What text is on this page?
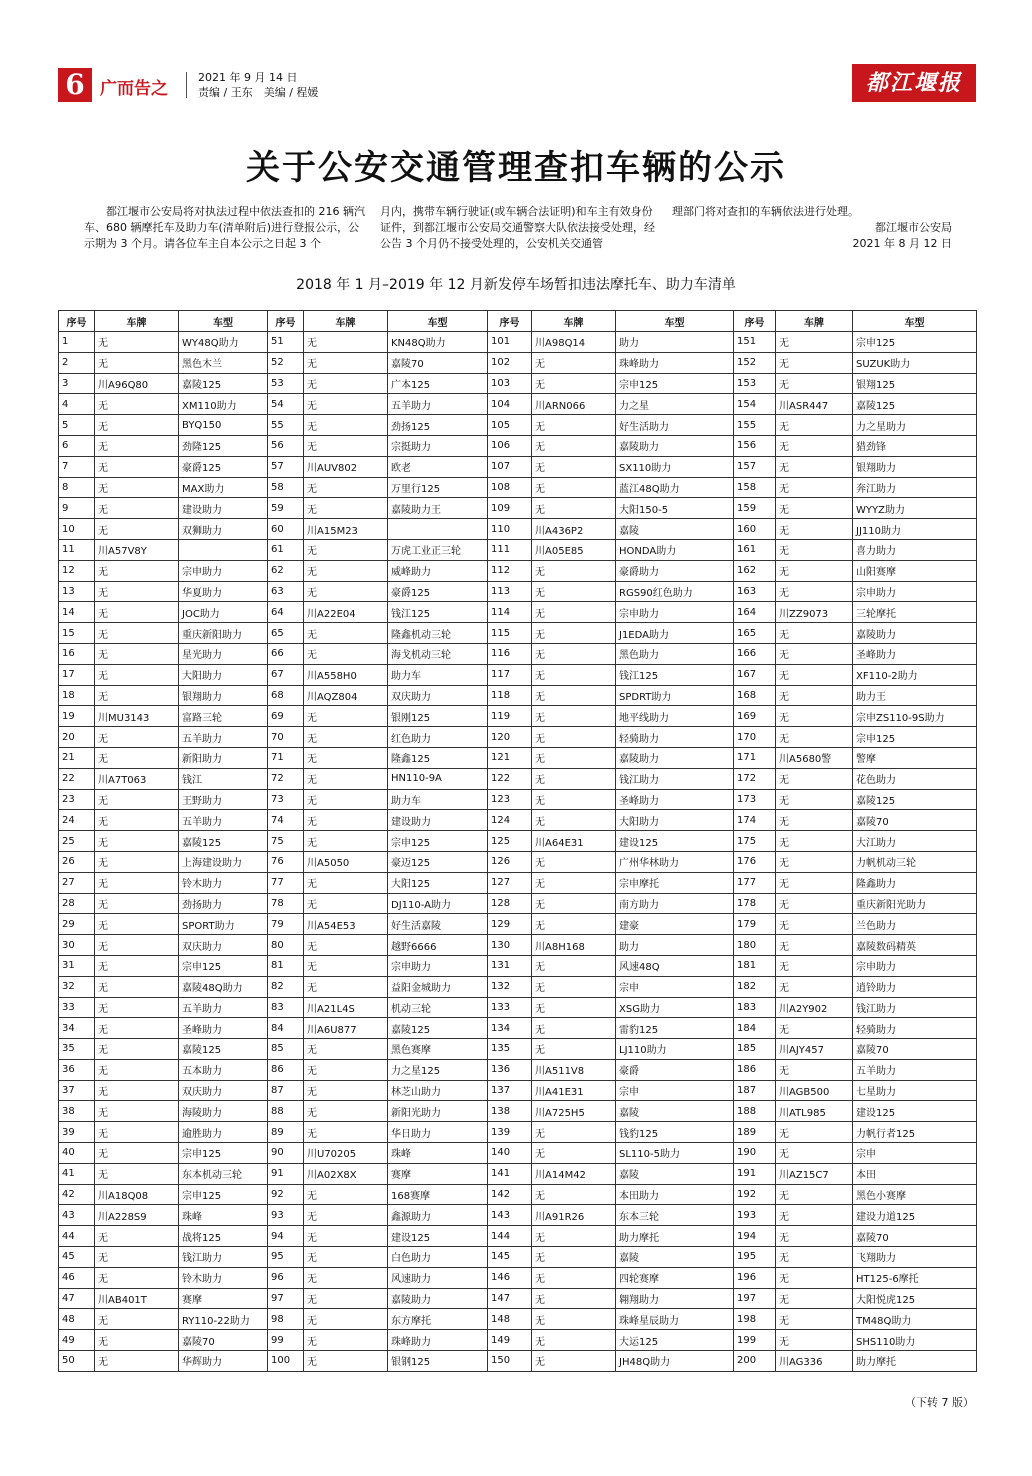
6 广而告之
2021 年 9 月 14 日
责编 / 王东　美编 / 程媛	都江堰报
关于公安交通管理查扣车辆的公示
都江堰市公安局将对执法过程中依法查扣的 216 辆汽车、680 辆摩托车及助力车(清单附后)进行登报公示，公示期为 3 个月。请各位车主自本公示之日起 3 个
月内，携带车辆行驶证(或车辆合法证明)和车主有效身份证件，到都江堰市公安局交通警察大队依法接受处理，经公告 3 个月仍不接受处理的，公安机关交通管
理部门将对查扣的车辆依法进行处理。
都江堰市公安局
2021 年 8 月 12 日
2018 年 1 月–2019 年 12 月新发停车场暂扣违法摩托车、助力车清单
序号	车牌	车型	序号	车牌	车型	序号	车牌	车型	序号	车牌	车型
1	无	WY48Q助力	51	无	KN48Q助力	101	川A98Q14	助力	151	无	宗申125
2	无	黑色木兰	52	无	嘉陵70	102	无	珠峰助力	152	无	SUZUK助力
3	川A96Q80	嘉陵125	53	无	广本125	103	无	宗申125	153	无	银翔125
4	无	XM110助力	54	无	五羊助力	104	川ARN066	力之星	154	川ASR447	嘉陵125
5	无	BYQ150	55	无	劲扬125	105	无	好生活助力	155	无	力之星助力
6	无	劲隆125	56	无	宗挺助力	106	无	嘉陵助力	156	无	猎劲锋
7	无	豪爵125	57	川AUV802	欧老	107	无	SX110助力	157	无	银翔助力
8	无	MAX助力	58	无	万里行125	108	无	蓝江48Q助力	158	无	奔江助力
9	无	建设助力	59	无	嘉陵助力王	109	无	大阳150-5	159	无	WYYZ助力
10	无	双狮助力	60	川A15M23		110	川A436P2	嘉陵	160	无	JJ110助力
11	川A57V8Y		61	无	万虎工业正三轮	111	川A05E85	HONDA助力	161	无	喜力助力
12	无	宗申助力	62	无	威峰助力	112	无	豪爵助力	162	无	山阳赛摩
13	无	华夏助力	63	无	豪爵125	113	无	RGS90红色助力	163	无	宗申助力
14	无	JOC助力	64	川A22E04	钱江125	114	无	宗申助力	164	川ZZ9073	三轮摩托
15	无	重庆新阳助力	65	无	隆鑫机动三轮	115	无	J1EDA助力	165	无	嘉陵助力
16	无	星光助力	66	无	海戈机动三轮	116	无	黑色助力	166	无	圣峰助力
17	无	大阳助力	67	川A558H0	助力车	117	无	钱江125	167	无	XF110-2助力
18	无	银翔助力	68	川AQZ804	双庆助力	118	无	SPDRT助力	168	无	助力王
19	川MU3143	富路三轮	69	无	银刚125	119	无	地平线助力	169	无	宗申ZS110-9S助力
20	无	五羊助力	70	无	红色助力	120	无	轻骑助力	170	无	宗申125
21	无	新阳助力	71	无	隆鑫125	121	无	嘉陵助力	171	川A5680警	警摩
22	川A7T063	钱江	72	无	HN110-9A	122	无	钱江助力	172	无	花色助力
23	无	王野助力	73	无	助力车	123	无	圣峰助力	173	无	嘉陵125
24	无	五羊助力	74	无	建设助力	124	无	大阳助力	174	无	嘉陵70
25	无	嘉陵125	75	无	宗申125	125	川A64E31	建设125	175	无	大江助力
26	无	上海建设助力	76	川A5050	豪迈125	126	无	广州华林助力	176	无	力帆机动三轮
27	无	铃木助力	77	无	大阳125	127	无	宗申摩托	177	无	隆鑫助力
28	无	劲扬助力	78	无	DJ110-A助力	128	无	南方助力	178	无	重庆新阳光助力
29	无	SPORT助力	79	川A54E53	好生活嘉陵	129	无	建豪	179	无	兰色助力
30	无	双庆助力	80	无	越野6666	130	川A8H168	助力	180	无	嘉陵数码精英
31	无	宗申125	81	无	宗申助力	131	无	风速48Q	181	无	宗申助力
32	无	嘉陵48Q助力	82	无	益阳金城助力	132	无	宗申	182	无	逍铃助力
33	无	五羊助力	83	川A21L4S	机动三轮	133	无	XSG助力	183	川A2Y902	钱江助力
34	无	圣峰助力	84	川A6U877	嘉陵125	134	无	雷豹125	184	无	轻骑助力
35	无	嘉陵125	85	无	黑色赛摩	135	无	LJ110助力	185	川AJY457	嘉陵70
36	无	五本助力	86	无	力之星125	136	川A511V8	豪爵	186	无	五羊助力
37	无	双庆助力	87	无	林芝山助力	137	川A41E31	宗申	187	川AGB500	七星助力
38	无	海陵助力	88	无	新阳光助力	138	川A725H5	嘉陵	188	川ATL985	建设125
39	无	逾胜助力	89	无	华日助力	139	无	钱豹125	189	无	力帆行者125
40	无	宗申125	90	川U70205	珠峰	140	无	SL110-5助力	190	无	宗申
41	无	东本机动三轮	91	川A02X8X	赛摩	141	川A14M42	嘉陵	191	川AZ15C7	本田
42	川A18Q08	宗申125	92	无	168赛摩	142	无	本田助力	192	无	黑色小赛摩
43	川A228S9	珠峰	93	无	鑫源助力	143	川A91R26	东本三轮	193	无	建设力道125
44	无	战将125	94	无	建设125	144	无	助力摩托	194	无	嘉陵70
45	无	钱江助力	95	无	白色助力	145	无	嘉陵	195	无	飞翔助力
46	无	铃木助力	96	无	风速助力	146	无	四轮赛摩	196	无	HT125-6摩托
47	川AB401T	赛摩	97	无	嘉陵助力	147	无	翱翔助力	197	无	大阳悦虎125
48	无	RY110-22助力	98	无	东方摩托	148	无	珠峰星辰助力	198	无	TM48Q助力
49	无	嘉陵70	99	无	珠峰助力	149	无	大运125	199	无	SHS110助力
50	无	华辉助力	100	无	银钢125	150	无	JH48Q助力	200	川AG336	助力摩托
（下转 7 版）
